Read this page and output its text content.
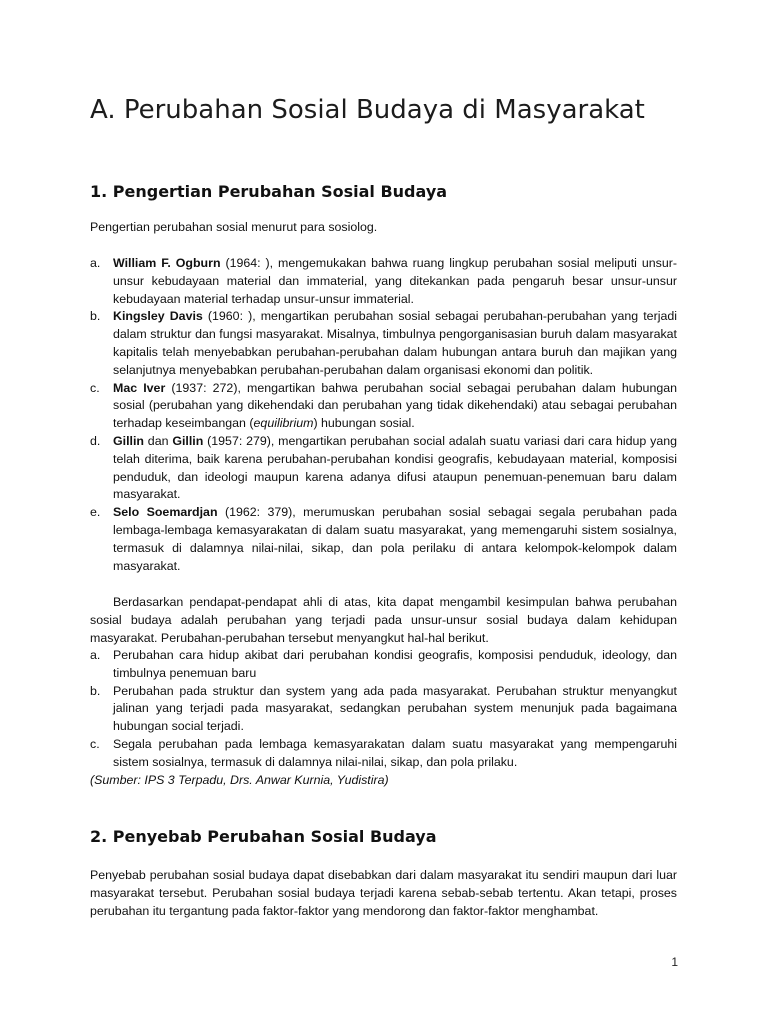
A. Perubahan Sosial Budaya di Masyarakat
1. Pengertian Perubahan Sosial Budaya

Pengertian perubahan sosial menurut para sosiolog.

a. William F. Ogburn (1964: ), mengemukakan bahwa ruang lingkup perubahan sosial meliputi unsur-unsur kebudayaan material dan immaterial, yang ditekankan pada pengaruh besar unsur-unsur kebudayaan material terhadap unsur-unsur immaterial.
b. Kingsley Davis (1960: ), mengartikan perubahan sosial sebagai perubahan-perubahan yang terjadi dalam struktur dan fungsi masyarakat. Misalnya, timbulnya pengorganisasian buruh dalam masyarakat kapitalis telah menyebabkan perubahan-perubahan dalam hubungan antara buruh dan majikan yang selanjutnya menyebabkan perubahan-perubahan dalam organisasi ekonomi dan politik.
c. Mac Iver (1937: 272), mengartikan bahwa perubahan social sebagai perubahan dalam hubungan sosial (perubahan yang dikehendaki dan perubahan yang tidak dikehendaki) atau sebagai perubahan terhadap keseimbangan (equilibrium) hubungan sosial.
d. Gillin dan Gillin (1957: 279), mengartikan perubahan social adalah suatu variasi dari cara hidup yang telah diterima, baik karena perubahan-perubahan kondisi geografis, kebudayaan material, komposisi penduduk, dan ideologi maupun karena adanya difusi ataupun penemuan-penemuan baru dalam masyarakat.
e. Selo Soemardjan (1962: 379), merumuskan perubahan sosial sebagai segala perubahan pada lembaga-lembaga kemasyarakatan di dalam suatu masyarakat, yang memengaruhi sistem sosialnya, termasuk di dalamnya nilai-nilai, sikap, dan pola perilaku di antara kelompok-kelompok dalam masyarakat.

Berdasarkan pendapat-pendapat ahli di atas, kita dapat mengambil kesimpulan bahwa perubahan sosial budaya adalah perubahan yang terjadi pada unsur-unsur sosial budaya dalam kehidupan masyarakat. Perubahan-perubahan tersebut menyangkut hal-hal berikut.

a. Perubahan cara hidup akibat dari perubahan kondisi geografis, komposisi penduduk, ideology, dan timbulnya penemuan baru
b. Perubahan pada struktur dan system yang ada pada masyarakat. Perubahan struktur menyangkut jalinan yang terjadi pada masyarakat, sedangkan perubahan system menunjuk pada bagaimana hubungan social terjadi.
c. Segala perubahan pada lembaga kemasyarakatan dalam suatu masyarakat yang mempengaruhi sistem sosialnya, termasuk di dalamnya nilai-nilai, sikap, dan pola prilaku.

(Sumber: IPS 3 Terpadu, Drs. Anwar Kurnia, Yudistira)

2. Penyebab Perubahan Sosial Budaya

Penyebab perubahan sosial budaya dapat disebabkan dari dalam masyarakat itu sendiri maupun dari luar masyarakat tersebut. Perubahan sosial budaya terjadi karena sebab-sebab tertentu. Akan tetapi, proses perubahan itu tergantung pada faktor-faktor yang mendorong dan faktor-faktor menghambat.

1
